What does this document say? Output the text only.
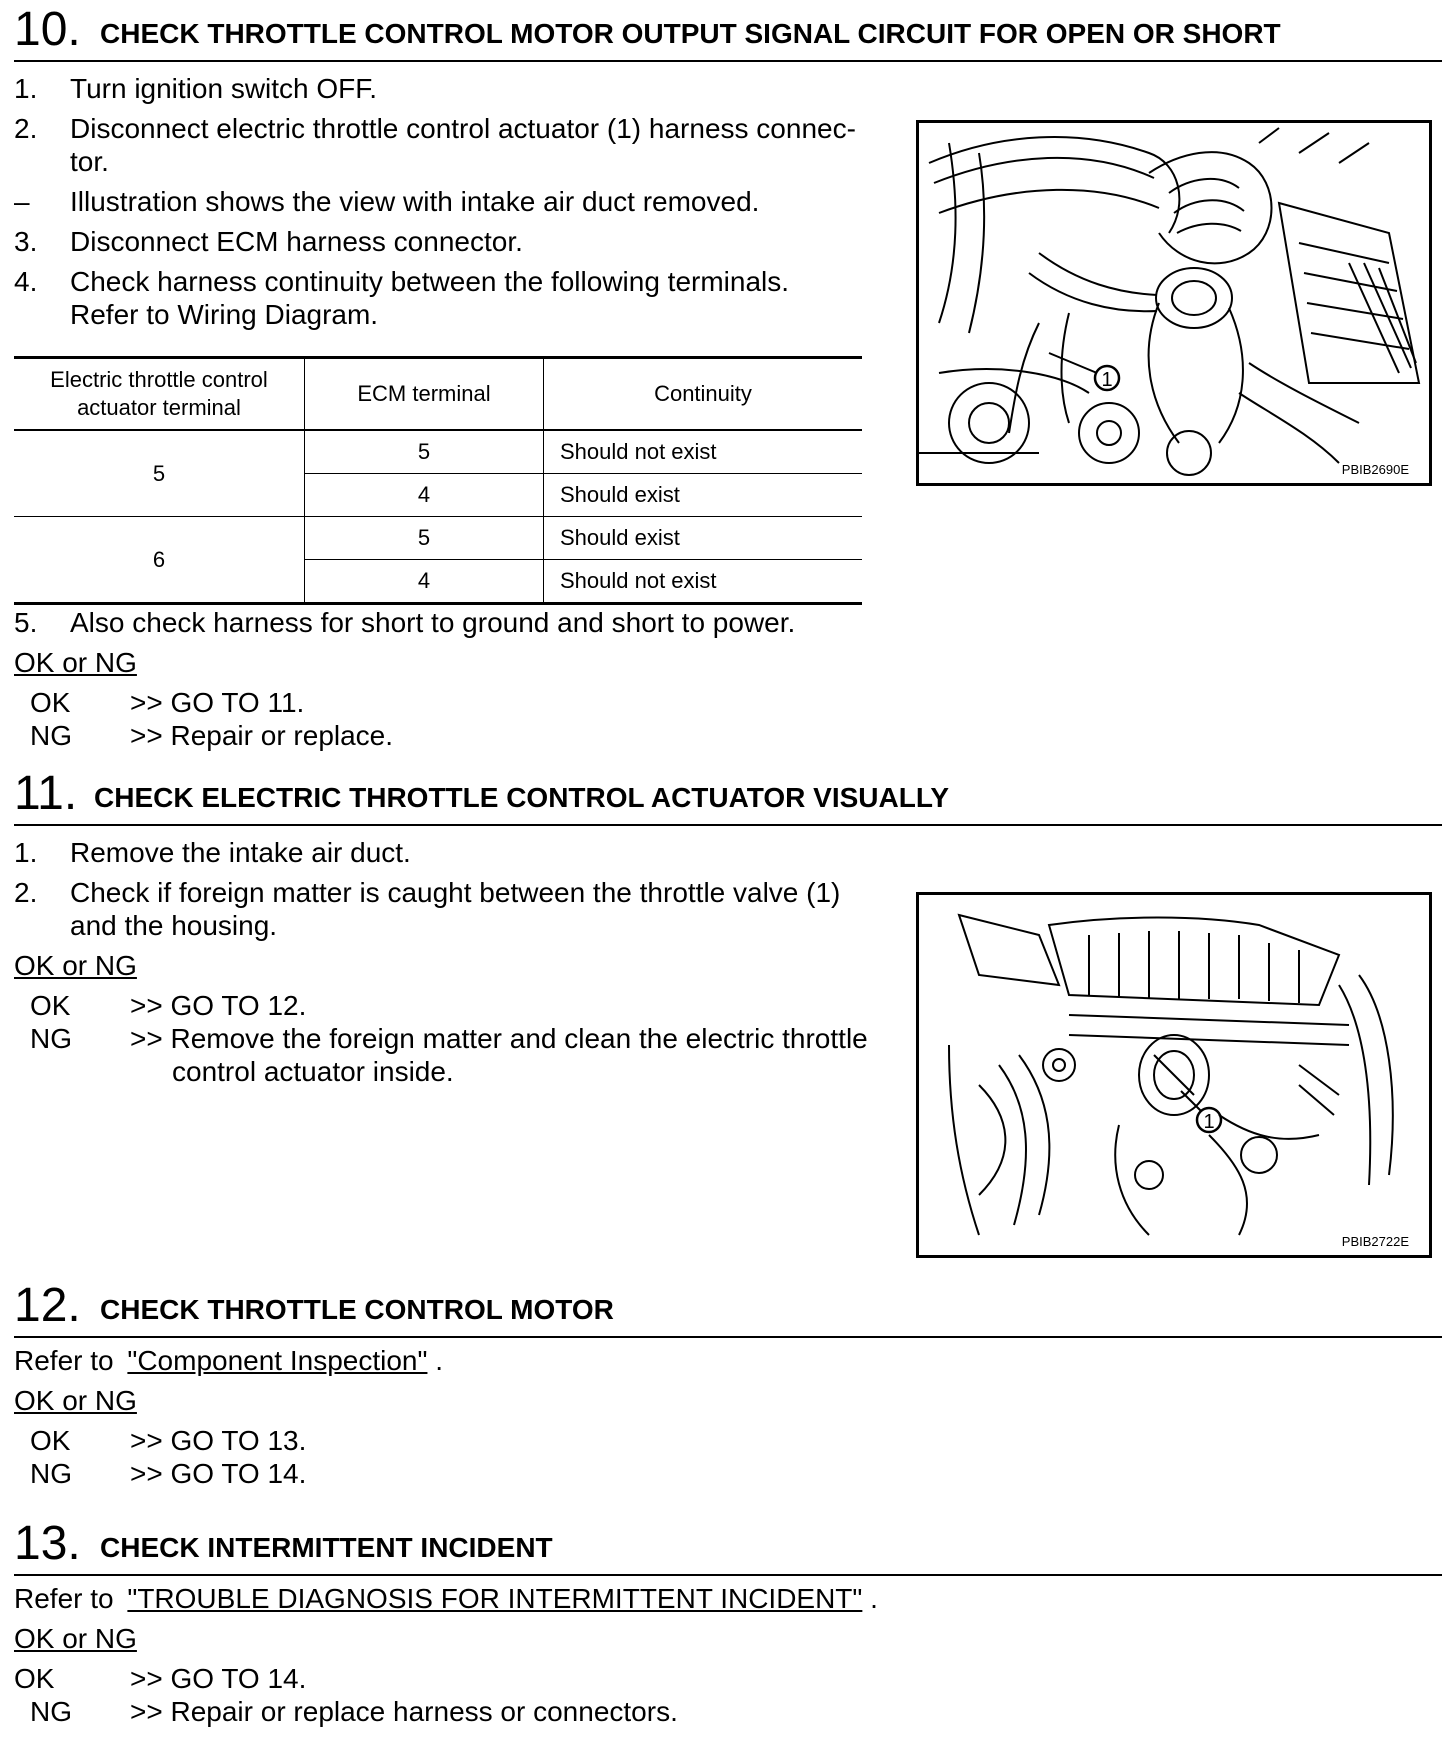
10. CHECK THROTTLE CONTROL MOTOR OUTPUT SIGNAL CIRCUIT FOR OPEN OR SHORT
1.	Turn ignition switch OFF.
2.	Disconnect electric throttle control actuator (1) harness connec-
tor.
–	Illustration shows the view with intake air duct removed.
3.	Disconnect ECM harness connector.
4.	Check harness continuity between the following terminals.
Refer to Wiring Diagram.
Electric throttle control actuator terminal	ECM terminal	Continuity
5	5	Should not exist
	4	Should exist
6	5	Should exist
	4	Should not exist
5.	Also check harness for short to ground and short to power.
OK or NG
OK >> GO TO 11.
NG >> Repair or replace.
1
PBIB2690E
11. CHECK ELECTRIC THROTTLE CONTROL ACTUATOR VISUALLY
1.	Remove the intake air duct.
2.	Check if foreign matter is caught between the throttle valve (1)
and the housing.
OK or NG
OK >> GO TO 12.
NG >> Remove the foreign matter and clean the electric throttle
control actuator inside.
1
PBIB2722E
12. CHECK THROTTLE CONTROL MOTOR
Refer to "Component Inspection" .
OK or NG
OK >> GO TO 13.
NG >> GO TO 14.
13. CHECK INTERMITTENT INCIDENT
Refer to "TROUBLE DIAGNOSIS FOR INTERMITTENT INCIDENT" .
OK or NG
OK	>> GO TO 14.
NG >> Repair or replace harness or connectors.
